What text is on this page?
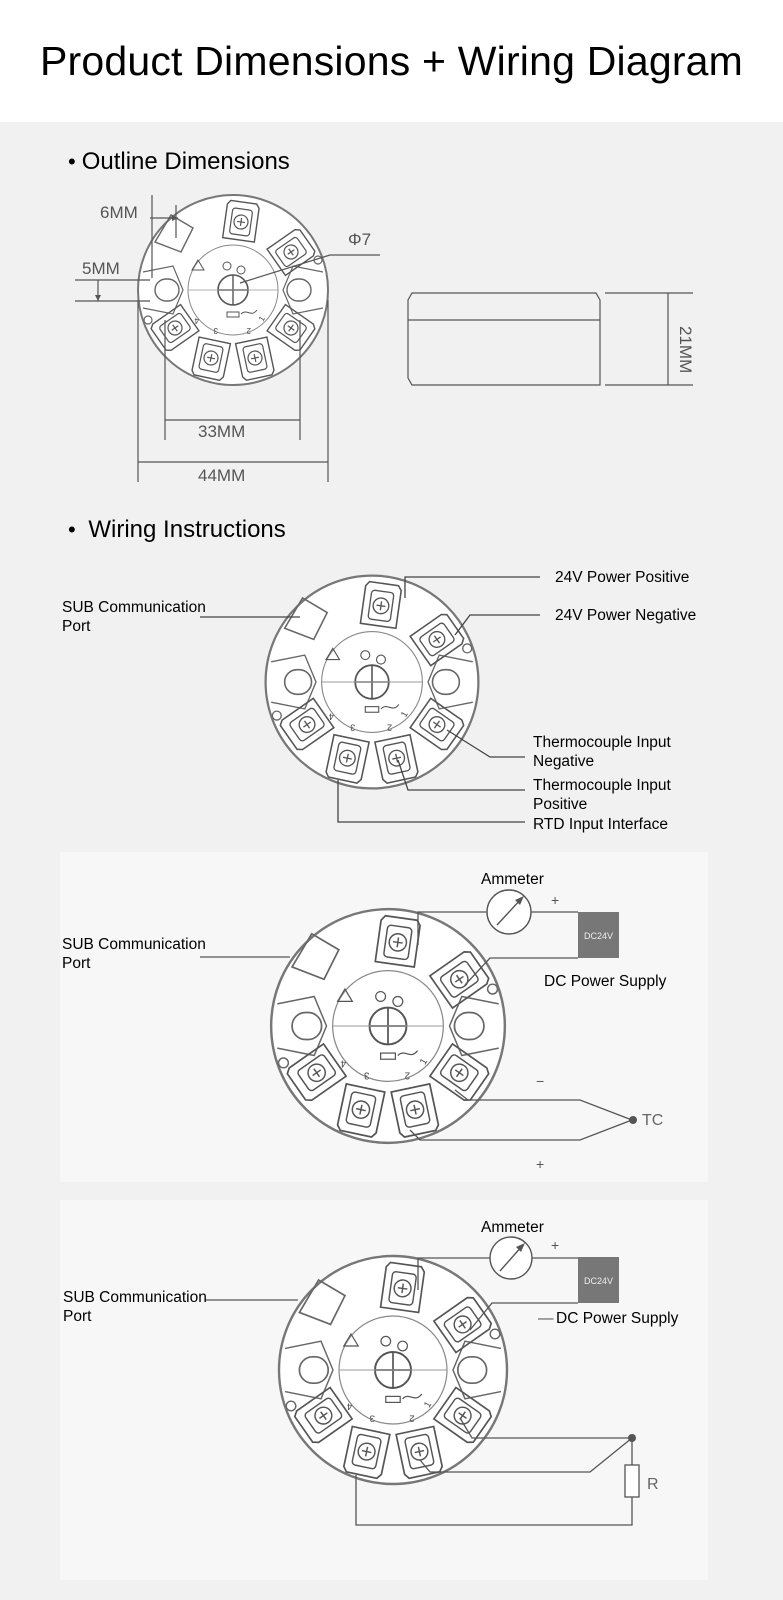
Product Dimensions + Wiring Diagram
• Outline Dimensions
• Wiring Instructions
1
2
DC24V
+
−
+
TC
DC24V
+
R

6MM

5MM

Φ7

33MM

44MM

21MM

SUB Communication Port

24V Power Positive

24V Power Negative

Thermocouple Input Negative

Thermocouple Input Positive

RTD Input Interface

Ammeter

SUB Communication Port

DC Power Supply

Ammeter

SUB Communication Port	— DC Power Supply
